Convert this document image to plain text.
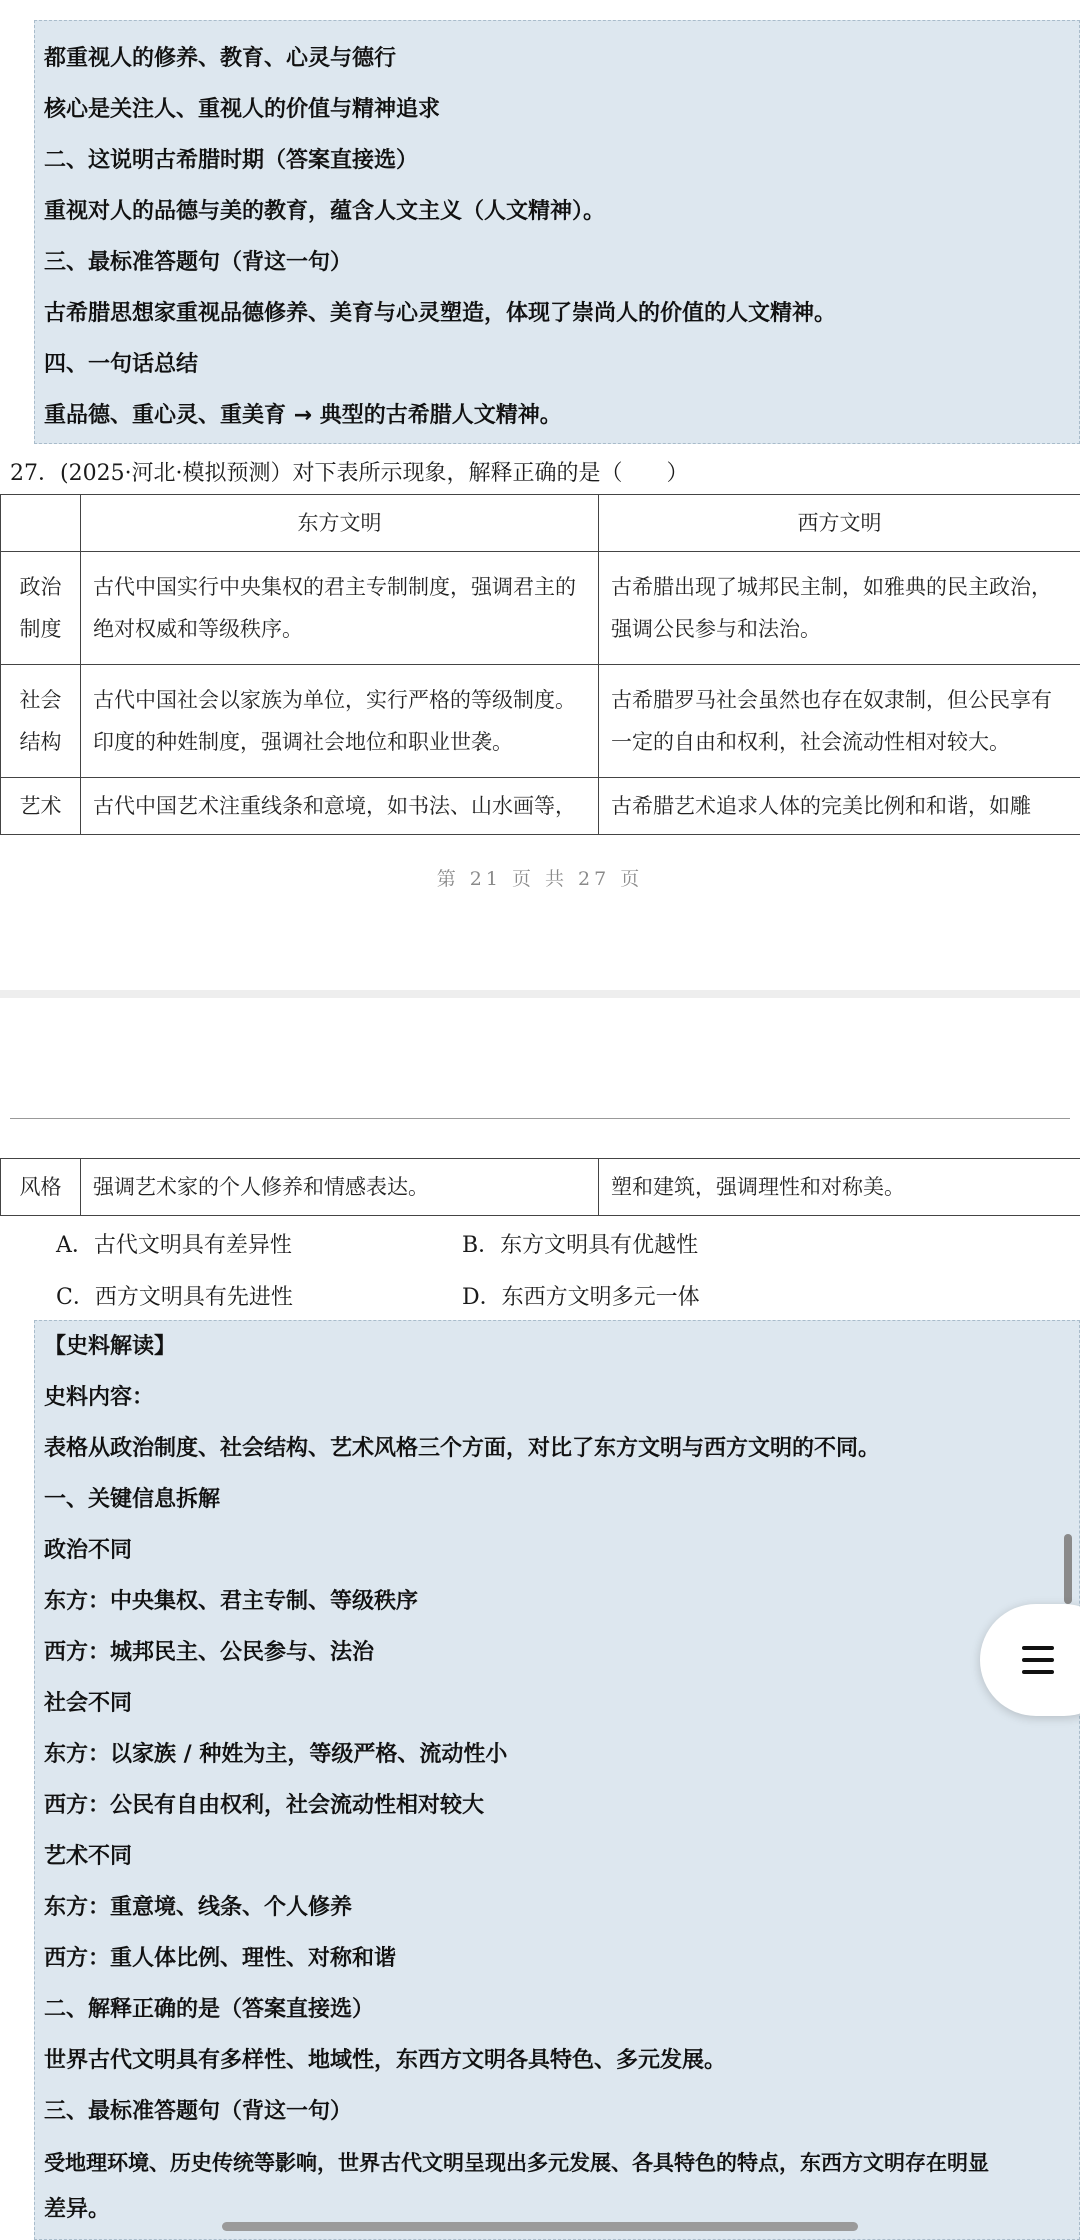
都重视人的修养、教育、心灵与德行
核心是关注人、重视人的价值与精神追求
二、这说明古希腊时期（答案直接选）
重视对人的品德与美的教育，蕴含人文主义（人文精神）。
三、最标准答题句（背这一句）
古希腊思想家重视品德修养、美育与心灵塑造，体现了崇尚人的价值的人文精神。
四、一句话总结
重品德、重心灵、重美育 → 典型的古希腊人文精神。
27．(2025·河北·模拟预测）对下表所示现象，解释正确的是（　　）
	东方文明	西方文明
政治制度	古代中国实行中央集权的君主专制制度，强调君主的绝对权威和等级秩序。	古希腊出现了城邦民主制，如雅典的民主政治，强调公民参与和法治。
社会结构	古代中国社会以家族为单位，实行严格的等级制度。印度的种姓制度，强调社会地位和职业世袭。	古希腊罗马社会虽然也存在奴隶制，但公民享有一定的自由和权利，社会流动性相对较大。
艺术	古代中国艺术注重线条和意境，如书法、山水画等，	古希腊艺术追求人体的完美比例和和谐，如雕
第 21 页 共 27 页
风格	强调艺术家的个人修养和情感表达。	塑和建筑，强调理性和对称美。
A．古代文明具有差异性	B．东方文明具有优越性
C．西方文明具有先进性	D．东西方文明多元一体
【史料解读】
史料内容：
表格从政治制度、社会结构、艺术风格三个方面，对比了东方文明与西方文明的不同。
一、关键信息拆解
政治不同
东方：中央集权、君主专制、等级秩序
西方：城邦民主、公民参与、法治
社会不同
东方：以家族 / 种姓为主，等级严格、流动性小
西方：公民有自由权利，社会流动性相对较大
艺术不同
东方：重意境、线条、个人修养
西方：重人体比例、理性、对称和谐
二、解释正确的是（答案直接选）
世界古代文明具有多样性、地域性，东西方文明各具特色、多元发展。
三、最标准答题句（背这一句）
受地理环境、历史传统等影响，世界古代文明呈现出多元发展、各具特色的特点，东西方文明存在明显
差异。
